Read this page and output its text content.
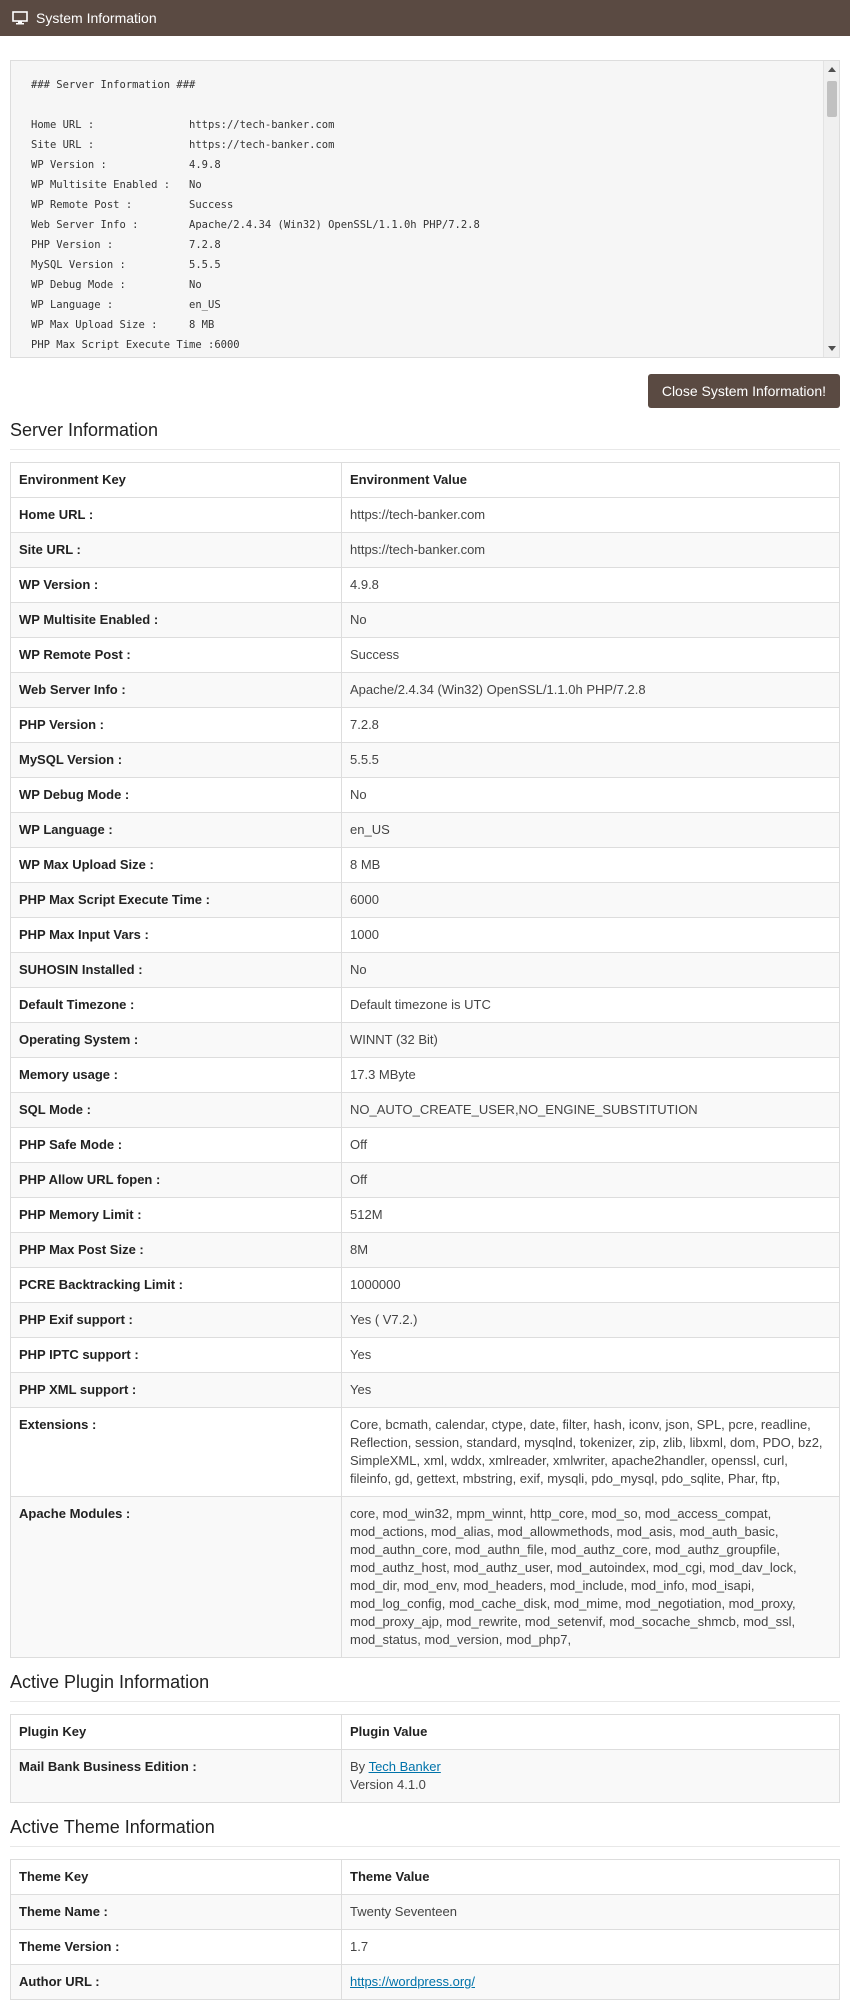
System Information
### Server Information ###

Home URL :               https://tech-banker.com
Site URL :               https://tech-banker.com
WP Version :             4.9.8
WP Multisite Enabled :   No
WP Remote Post :         Success
Web Server Info :        Apache/2.4.34 (Win32) OpenSSL/1.1.0h PHP/7.2.8
PHP Version :            7.2.8
MySQL Version :          5.5.5
WP Debug Mode :          No
WP Language :            en_US
WP Max Upload Size :     8 MB
PHP Max Script Execute Time :6000
Close System Information!
Server Information
Environment Key	Environment Value
Home URL :	https://tech-banker.com
Site URL :	https://tech-banker.com
WP Version :	4.9.8
WP Multisite Enabled :	No
WP Remote Post :	Success
Web Server Info :	Apache/2.4.34 (Win32) OpenSSL/1.1.0h PHP/7.2.8
PHP Version :	7.2.8
MySQL Version :	5.5.5
WP Debug Mode :	No
WP Language :	en_US
WP Max Upload Size :	8 MB
PHP Max Script Execute Time :	6000
PHP Max Input Vars :	1000
SUHOSIN Installed :	No
Default Timezone :	Default timezone is UTC
Operating System :	WINNT (32 Bit)
Memory usage :	17.3 MByte
SQL Mode :	NO_AUTO_CREATE_USER,NO_ENGINE_SUBSTITUTION
PHP Safe Mode :	Off
PHP Allow URL fopen :	Off
PHP Memory Limit :	512M
PHP Max Post Size :	8M
PCRE Backtracking Limit :	1000000
PHP Exif support :	Yes ( V7.2.)
PHP IPTC support :	Yes
PHP XML support :	Yes
Extensions :	Core, bcmath, calendar, ctype, date, filter, hash, iconv, json, SPL, pcre, readline, Reflection, session, standard, mysqlnd, tokenizer, zip, zlib, libxml, dom, PDO, bz2, SimpleXML, xml, wddx, xmlreader, xmlwriter, apache2handler, openssl, curl, fileinfo, gd, gettext, mbstring, exif, mysqli, pdo_mysql, pdo_sqlite, Phar, ftp,
Apache Modules :	core, mod_win32, mpm_winnt, http_core, mod_so, mod_access_compat, mod_actions, mod_alias, mod_allowmethods, mod_asis, mod_auth_basic, mod_authn_core, mod_authn_file, mod_authz_core, mod_authz_groupfile, mod_authz_host, mod_authz_user, mod_autoindex, mod_cgi, mod_dav_lock, mod_dir, mod_env, mod_headers, mod_include, mod_info, mod_isapi, mod_log_config, mod_cache_disk, mod_mime, mod_negotiation, mod_proxy, mod_proxy_ajp, mod_rewrite, mod_setenvif, mod_socache_shmcb, mod_ssl, mod_status, mod_version, mod_php7,
Active Plugin Information
Plugin Key	Plugin Value
Mail Bank Business Edition :	By Tech Banker
Version 4.1.0
Active Theme Information
Theme Key	Theme Value
Theme Name :	Twenty Seventeen
Theme Version :	1.7
Author URL :	https://wordpress.org/
